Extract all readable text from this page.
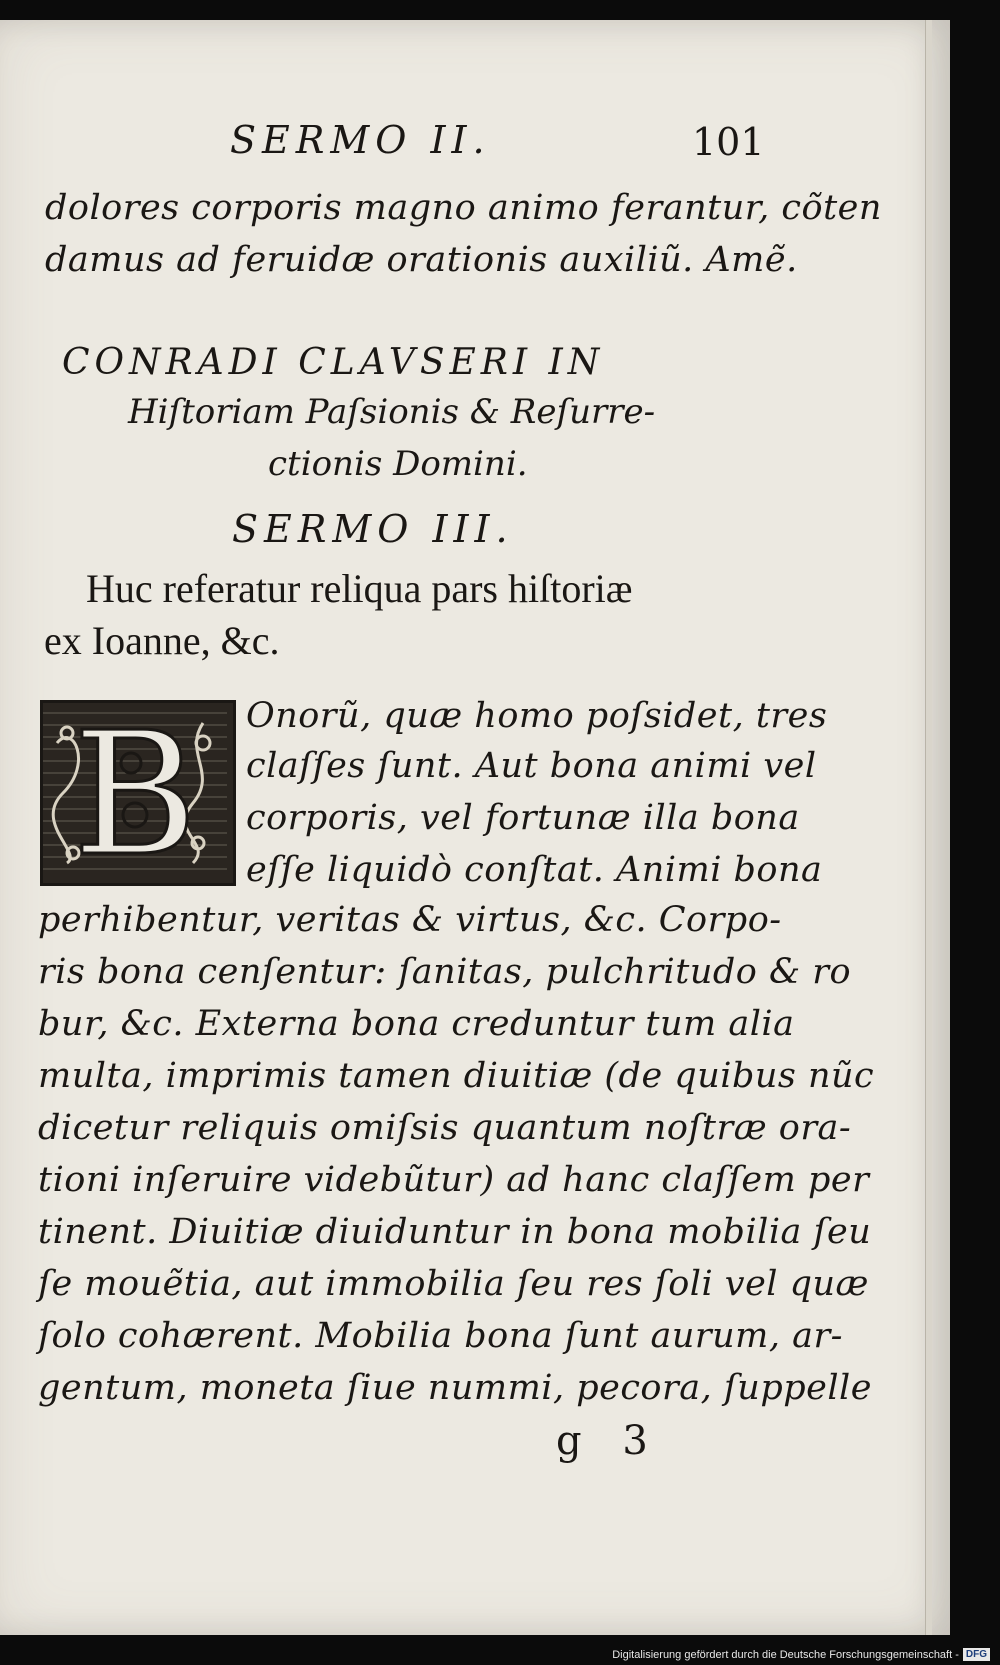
SERMO II.	101
dolores corporis magno animo ferantur, cõten
damus ad feruidæ orationis auxiliũ. Amẽ.
CONRADI CLAVSERI IN
Hiſtoriam Paſsionis & Reſurre-
ctionis Domini.
SERMO III.
Huc referatur reliqua pars hiſtoriæ
ex Ioanne, &c.
B Onorũ, quæ homo poſsidet, tres
claſſes ſunt. Aut bona animi vel
corporis, vel fortunæ illa bona
eſſe liquidò conſtat. Animi bona
perhibentur, veritas & virtus, &c. Corpo-
ris bona cenſentur: ſanitas, pulchritudo & ro
bur, &c. Externa bona creduntur tum alia
multa, imprimis tamen diuitiæ (de quibus nũc
dicetur reliquis omiſsis quantum noſtræ ora-
tioni inſeruire videbũtur) ad hanc claſſem per
tinent. Diuitiæ diuiduntur in bona mobilia ſeu
ſe mouẽtia, aut immobilia ſeu res ſoli vel quæ
ſolo cohærent. Mobilia bona ſunt aurum, ar-
gentum, moneta ſiue nummi, pecora, ſuppelle
g 3
Digitalisierung gefördert durch die Deutsche Forschungsgemeinschaft - DFG
